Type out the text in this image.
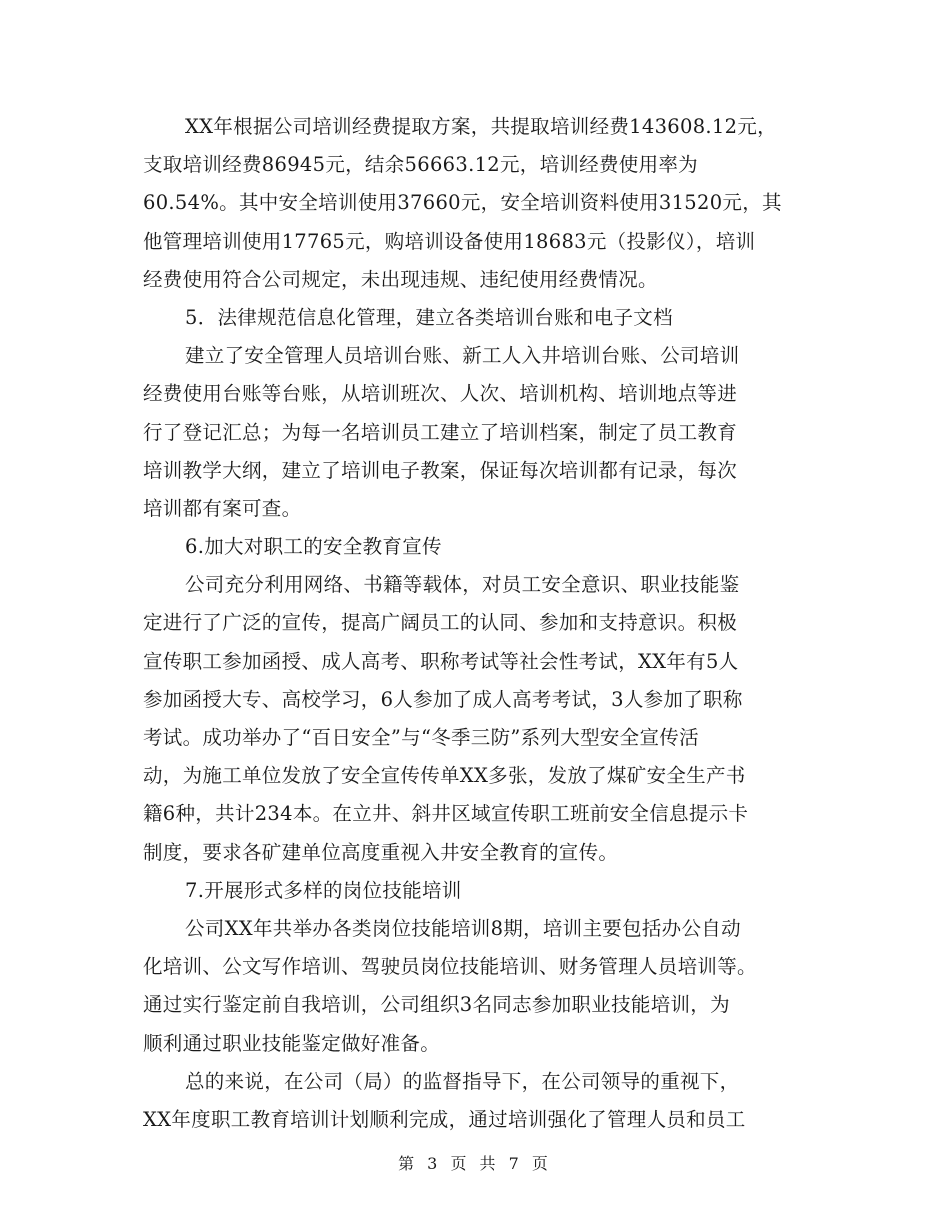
XX年根据公司培训经费提取方案，共提取培训经费143608.12元，
支取培训经费86945元，结余56663.12元，培训经费使用率为
60.54%。其中安全培训使用37660元，安全培训资料使用31520元，其
他管理培训使用17765元，购培训设备使用18683元（投影仪），培训
经费使用符合公司规定，未出现违规、违纪使用经费情况。
5．法律规范信息化管理，建立各类培训台账和电子文档
建立了安全管理人员培训台账、新工人入井培训台账、公司培训
经费使用台账等台账，从培训班次、人次、培训机构、培训地点等进
行了登记汇总；为每一名培训员工建立了培训档案，制定了员工教育
培训教学大纲，建立了培训电子教案，保证每次培训都有记录，每次
培训都有案可查。
6.加大对职工的安全教育宣传
公司充分利用网络、书籍等载体，对员工安全意识、职业技能鉴
定进行了广泛的宣传，提高广阔员工的认同、参加和支持意识。积极
宣传职工参加函授、成人高考、职称考试等社会性考试，XX年有5人
参加函授大专、高校学习，6人参加了成人高考考试，3人参加了职称
考试。成功举办了“百日安全”与“冬季三防”系列大型安全宣传活
动，为施工单位发放了安全宣传传单XX多张，发放了煤矿安全生产书
籍6种，共计234本。在立井、斜井区域宣传职工班前安全信息提示卡
制度，要求各矿建单位高度重视入井安全教育的宣传。
7.开展形式多样的岗位技能培训
公司XX年共举办各类岗位技能培训8期，培训主要包括办公自动
化培训、公文写作培训、驾驶员岗位技能培训、财务管理人员培训等。
通过实行鉴定前自我培训，公司组织3名同志参加职业技能培训，为
顺利通过职业技能鉴定做好准备。
总的来说，在公司（局）的监督指导下，在公司领导的重视下，
XX年度职工教育培训计划顺利完成，通过培训强化了管理人员和员工
第 3 页 共 7 页
